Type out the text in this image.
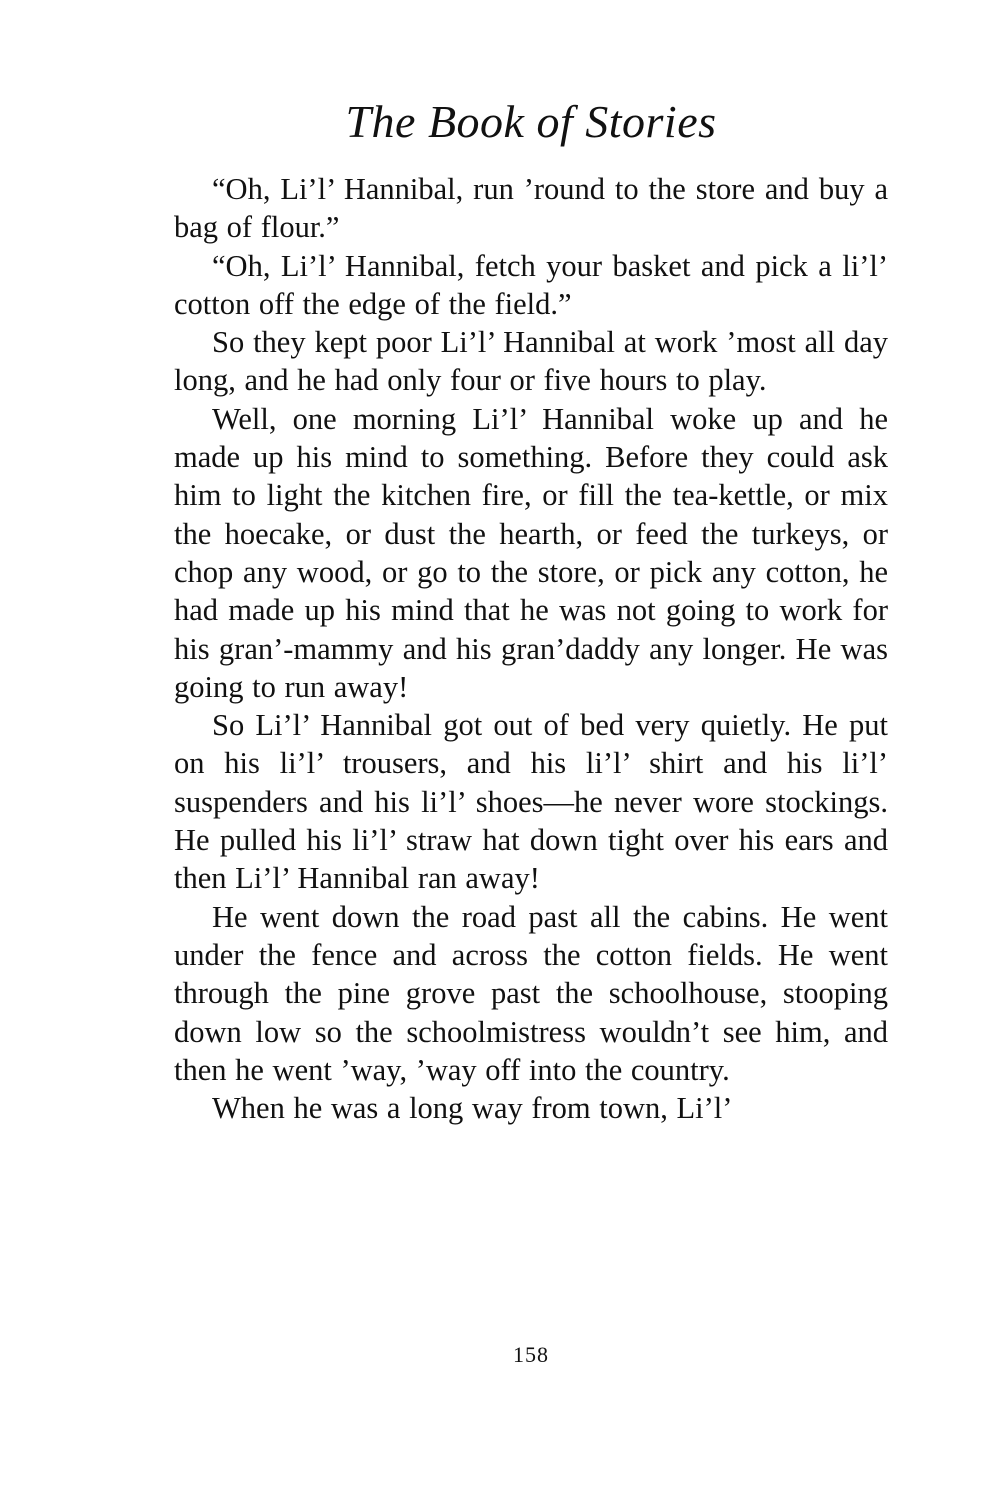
The Book of Stories

“Oh, Li’l’ Hannibal, run ’round to the store and buy a bag of flour.”

“Oh, Li’l’ Hannibal, fetch your basket and pick a li’l’ cotton off the edge of the field.”

So they kept poor Li’l’ Hannibal at work ’most all day long, and he had only four or five hours to play.

Well, one morning Li’l’ Hannibal woke up and he made up his mind to something. Before they could ask him to light the kitchen fire, or fill the tea-kettle, or mix the hoecake, or dust the hearth, or feed the turkeys, or chop any wood, or go to the store, or pick any cotton, he had made up his mind that he was not going to work for his gran’-mammy and his gran’daddy any longer. He was going to run away!

So Li’l’ Hannibal got out of bed very quietly. He put on his li’l’ trousers, and his li’l’ shirt and his li’l’ suspenders and his li’l’ shoes—he never wore stockings. He pulled his li’l’ straw hat down tight over his ears and then Li’l’ Hannibal ran away!

He went down the road past all the cabins. He went under the fence and across the cotton fields. He went through the pine grove past the schoolhouse, stooping down low so the schoolmistress wouldn’t see him, and then he went ’way, ’way off into the country.

When he was a long way from town, Li’l’

158
